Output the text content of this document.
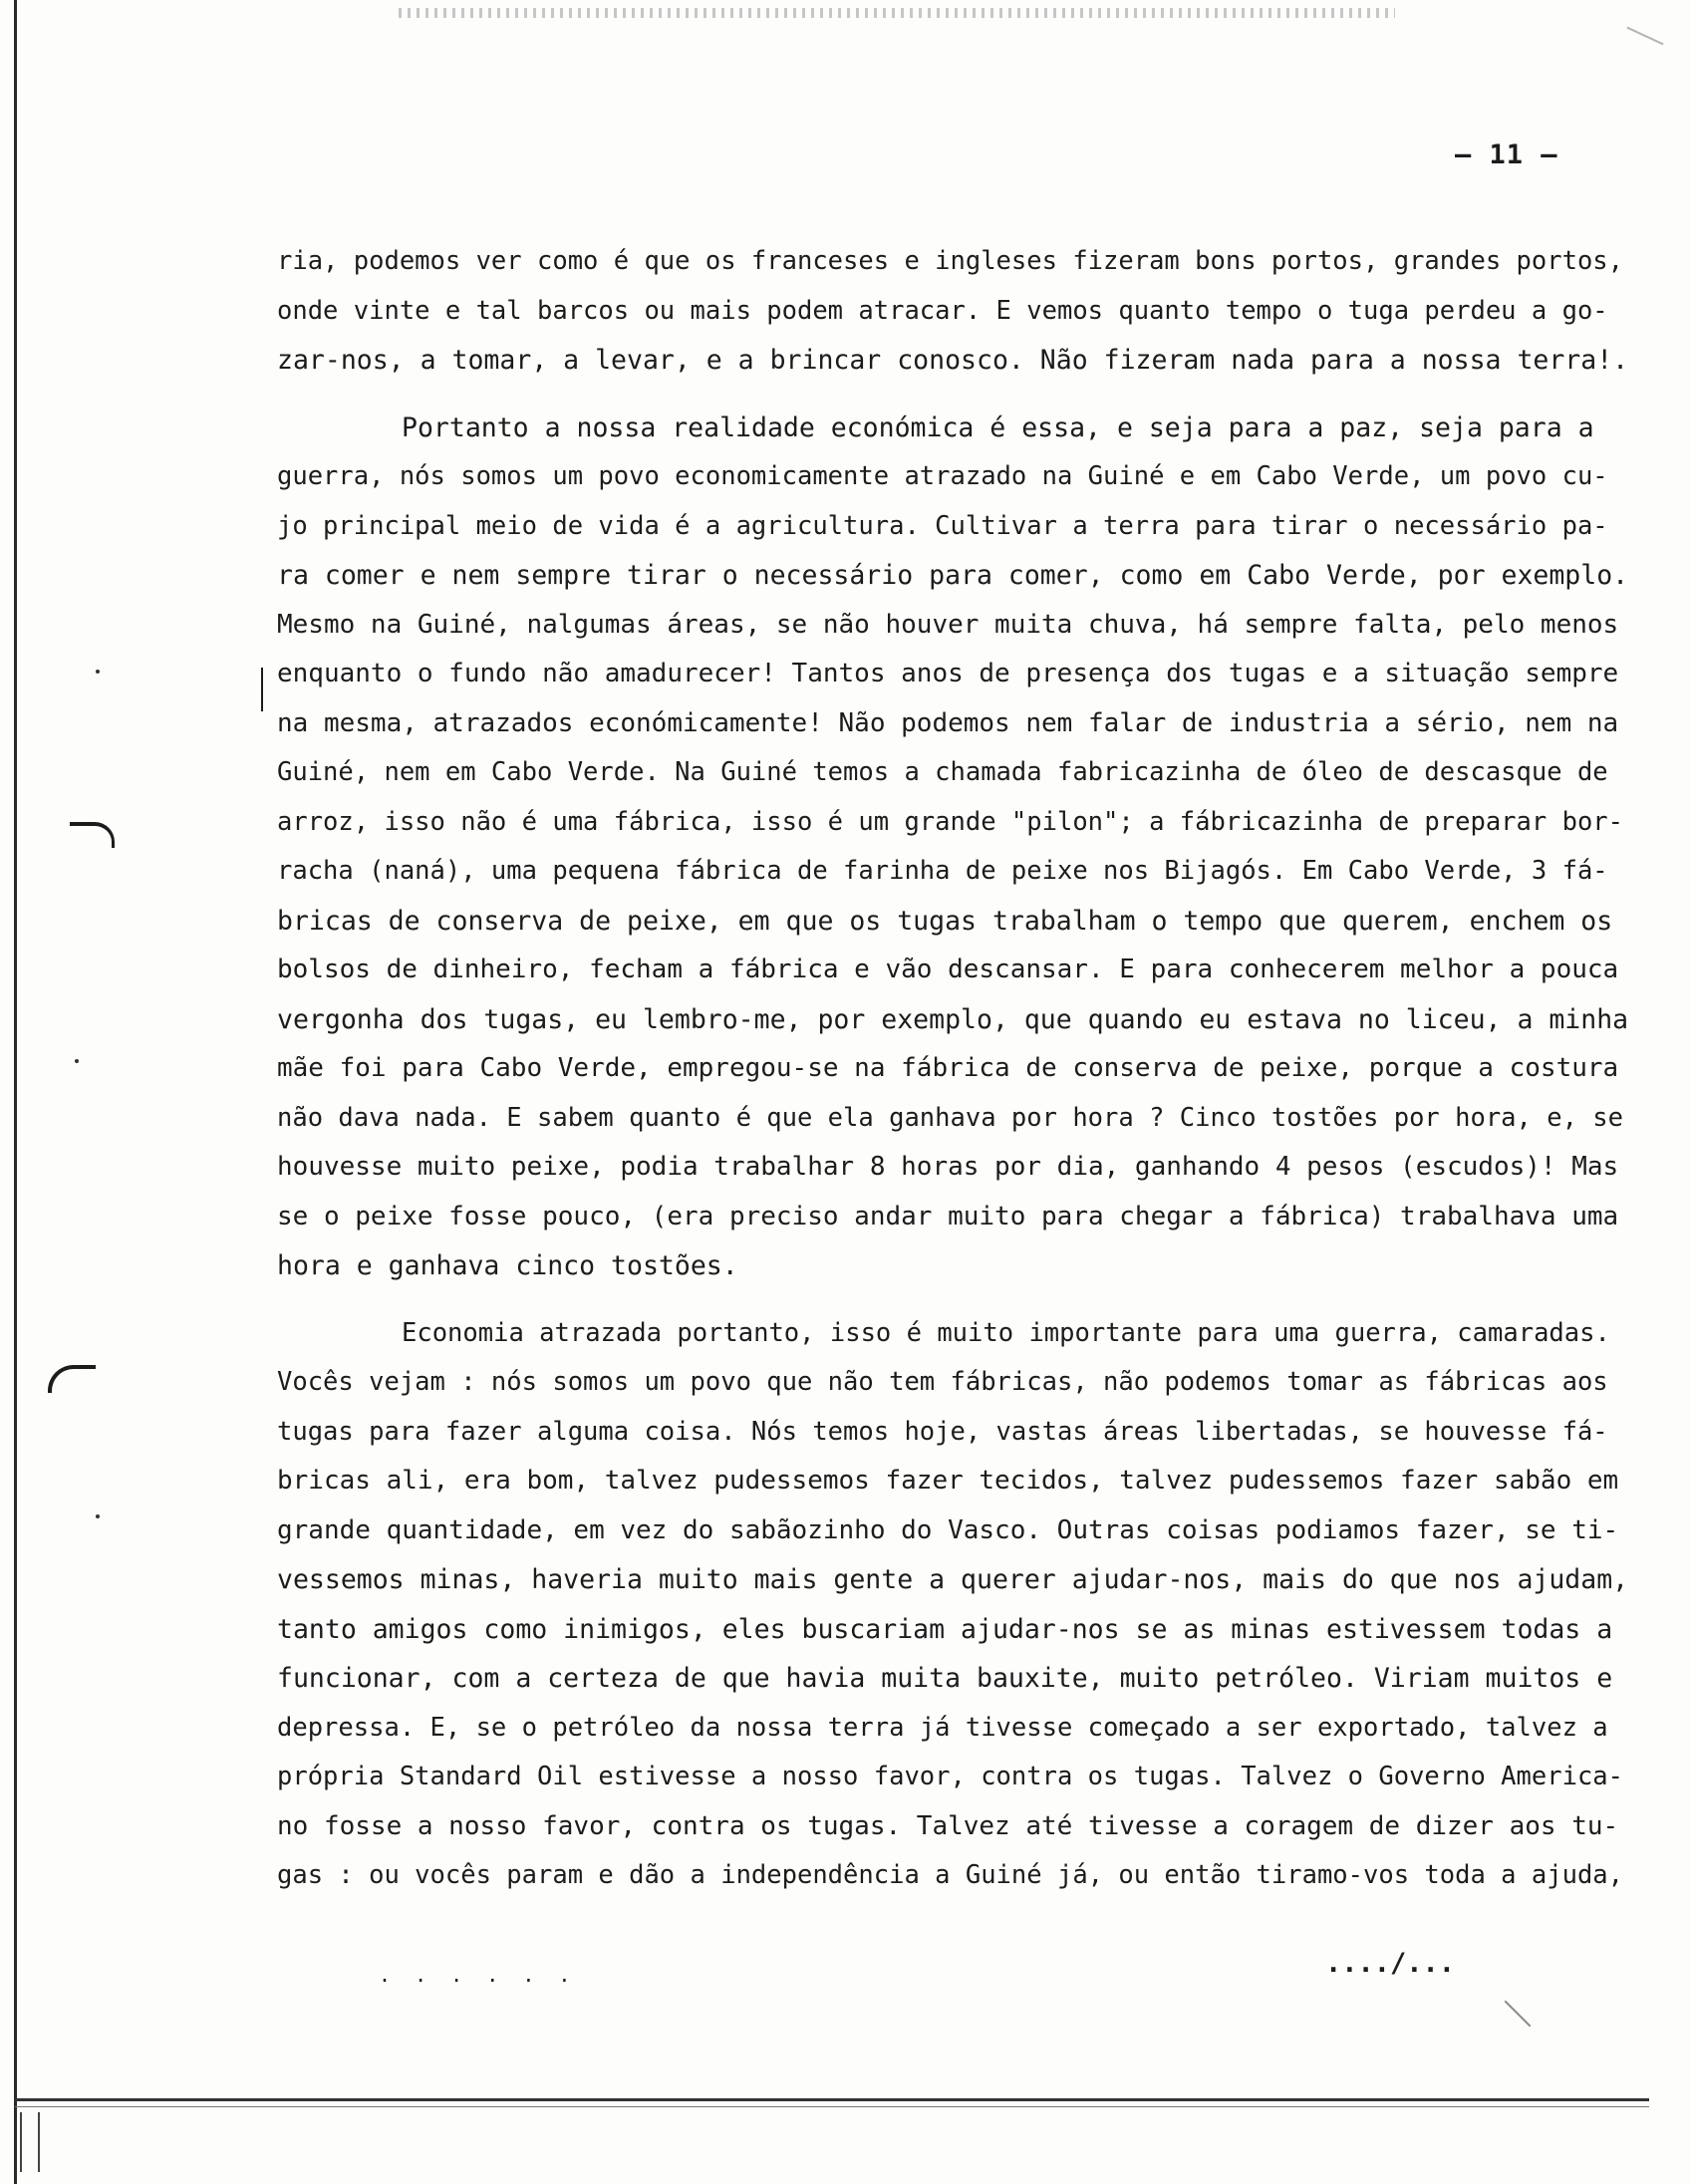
– 11 –
ria, podemos ver como é que os franceses e ingleses fizeram bons portos, grandes portos,
onde vinte e tal barcos ou mais podem atracar. E vemos quanto tempo o tuga perdeu a go-
zar-nos, a tomar, a levar, e a brincar conosco. Não fizeram nada para a nossa terra!.
Portanto a nossa realidade económica é essa, e seja para a paz, seja para a
guerra, nós somos um povo economicamente atrazado na Guiné e em Cabo Verde, um povo cu-
jo principal meio de vida é a agricultura. Cultivar a terra para tirar o necessário pa-
ra comer e nem sempre tirar o necessário para comer, como em Cabo Verde, por exemplo.
Mesmo na Guiné, nalgumas áreas, se não houver muita chuva, há sempre falta, pelo menos
enquanto o fundo não amadurecer! Tantos anos de presença dos tugas e a situação sempre
na mesma, atrazados económicamente! Não podemos nem falar de industria a sério, nem na
Guiné, nem em Cabo Verde. Na Guiné temos a chamada fabricazinha de óleo de descasque de
arroz, isso não é uma fábrica, isso é um grande "pilon"; a fábricazinha de preparar bor-
racha (naná), uma pequena fábrica de farinha de peixe nos Bijagós. Em Cabo Verde, 3 fá-
bricas de conserva de peixe, em que os tugas trabalham o tempo que querem, enchem os
bolsos de dinheiro, fecham a fábrica e vão descansar. E para conhecerem melhor a pouca
vergonha dos tugas, eu lembro-me, por exemplo, que quando eu estava no liceu, a minha
mãe foi para Cabo Verde, empregou-se na fábrica de conserva de peixe, porque a costura
não dava nada. E sabem quanto é que ela ganhava por hora ? Cinco tostões por hora, e, se
houvesse muito peixe, podia trabalhar 8 horas por dia, ganhando 4 pesos (escudos)! Mas
se o peixe fosse pouco, (era preciso andar muito para chegar a fábrica) trabalhava uma
hora e ganhava cinco tostões.
Economia atrazada portanto, isso é muito importante para uma guerra, camaradas.
Vocês vejam : nós somos um povo que não tem fábricas, não podemos tomar as fábricas aos
tugas para fazer alguma coisa. Nós temos hoje, vastas áreas libertadas, se houvesse fá-
bricas ali, era bom, talvez pudessemos fazer tecidos, talvez pudessemos fazer sabão em
grande quantidade, em vez do sabãozinho do Vasco. Outras coisas podiamos fazer, se ti-
vessemos minas, haveria muito mais gente a querer ajudar-nos, mais do que nos ajudam,
tanto amigos como inimigos, eles buscariam ajudar-nos se as minas estivessem todas a
funcionar, com a certeza de que havia muita bauxite, muito petróleo. Viriam muitos e
depressa. E, se o petróleo da nossa terra já tivesse começado a ser exportado, talvez a
própria Standard Oil estivesse a nosso favor, contra os tugas. Talvez o Governo America-
no fosse a nosso favor, contra os tugas. Talvez até tivesse a coragem de dizer aos tu-
gas : ou vocês param e dão a independência a Guiné já, ou então tiramo-vos toda a ajuda,
. . . . . .	..../...
